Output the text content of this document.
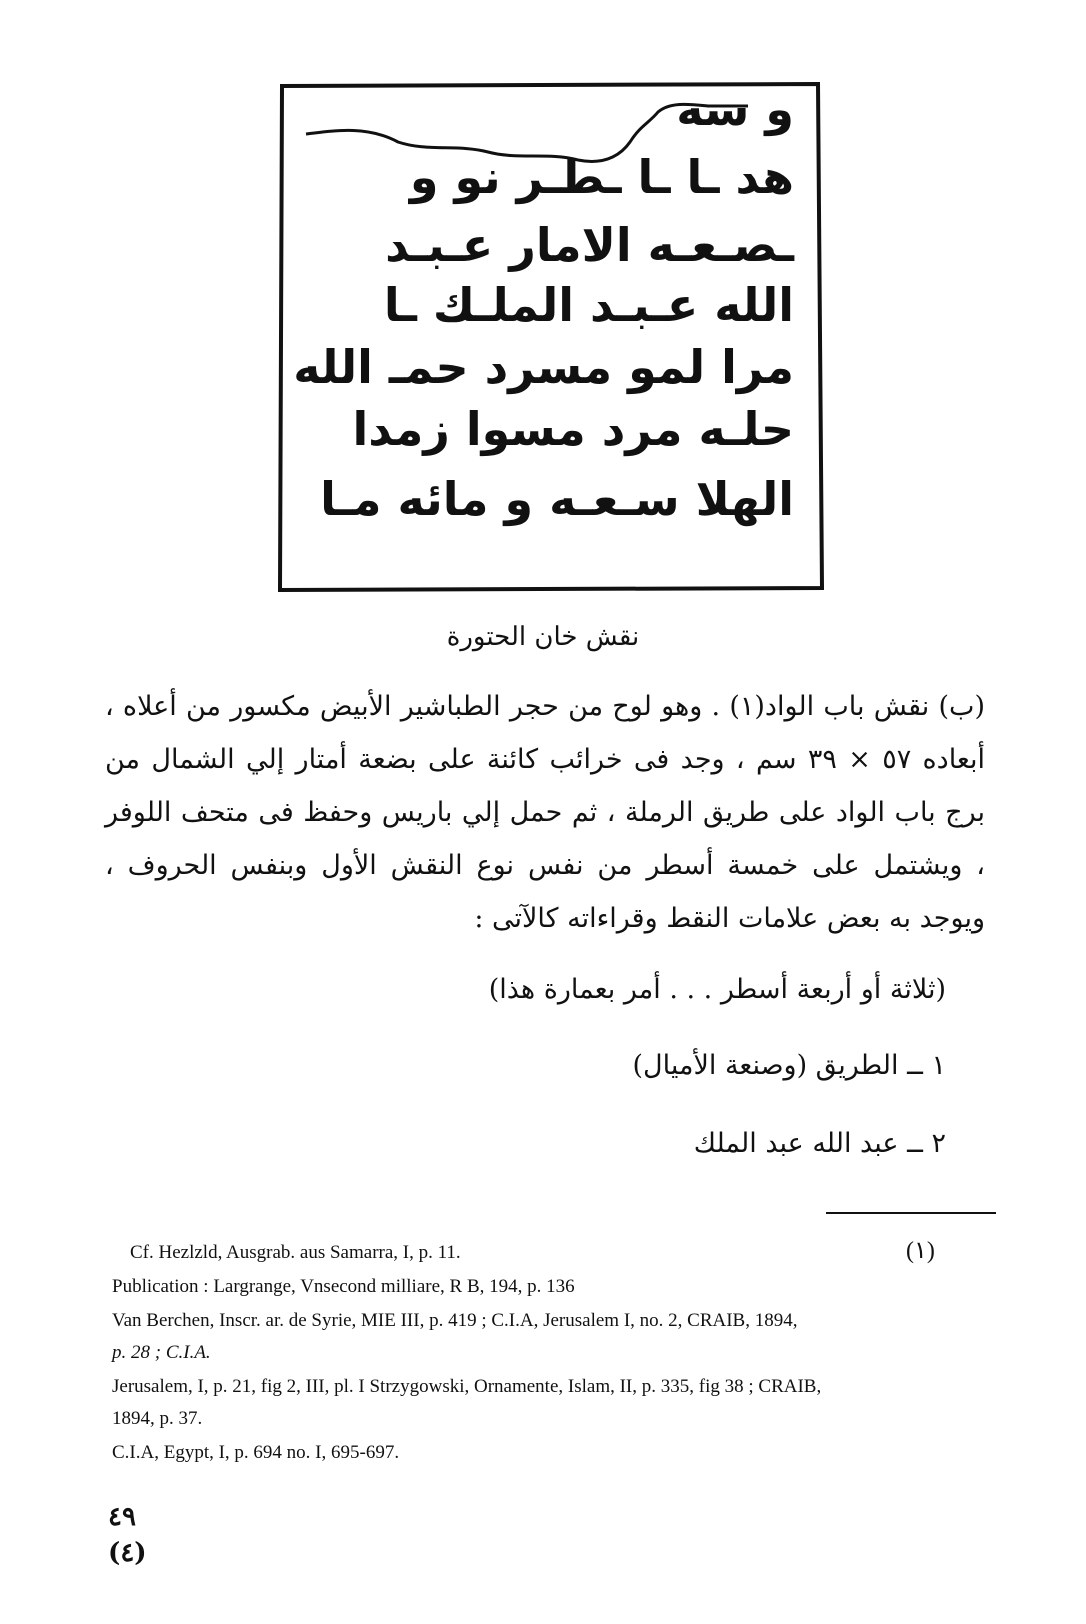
و سه
هد ـا ـا ـطـر نو و
ـصـعـه الامار عـبـد
الله عـبـد الملـك ـا
مرا لمو مسرد حمـ الله
حلـه مرد مسوا زمدا
الهلا سـعـه و مائه مـا
نقش خان الحتورة
(ب) نقش باب الواد(١) . وهو لوح من حجر الطباشير الأبيض مكسور من أعلاه ، أبعاده ٥٧ × ٣٩ سم ، وجد فى خرائب كائنة على بضعة أمتار إلي الشمال من برج باب الواد على طريق الرملة ، ثم حمل إلي باريس وحفظ فى متحف اللوفر ، ويشتمل على خمسة أسطر من نفس نوع النقش الأول وبنفس الحروف ، ويوجد به بعض علامات النقط وقراءاته كالآتى :
(ثلاثة أو أربعة أسطر . . . أمر بعمارة هذا)
١ ــ الطريق (وصنعة الأميال)
٢ ــ عبد الله عبد الملك
(١)
Cf. Hezlzld, Ausgrab. aus Samarra, I, p. 11.
Publication : Largrange, Vnsecond milliare, R B, 194, p. 136
Van Berchen, Inscr. ar. de Syrie, MIE III, p. 419 ; C.I.A, Jerusalem I, no. 2, CRAIB, 1894,
p. 28 ; C.I.A.
Jerusalem, I, p. 21, fig 2, III, pl. I Strzygowski, Ornamente, Islam, II, p. 335, fig 38 ; CRAIB,
1894, p. 37.
C.I.A, Egypt, I, p. 694 no. I, 695-697.
٤٩
(٤)
